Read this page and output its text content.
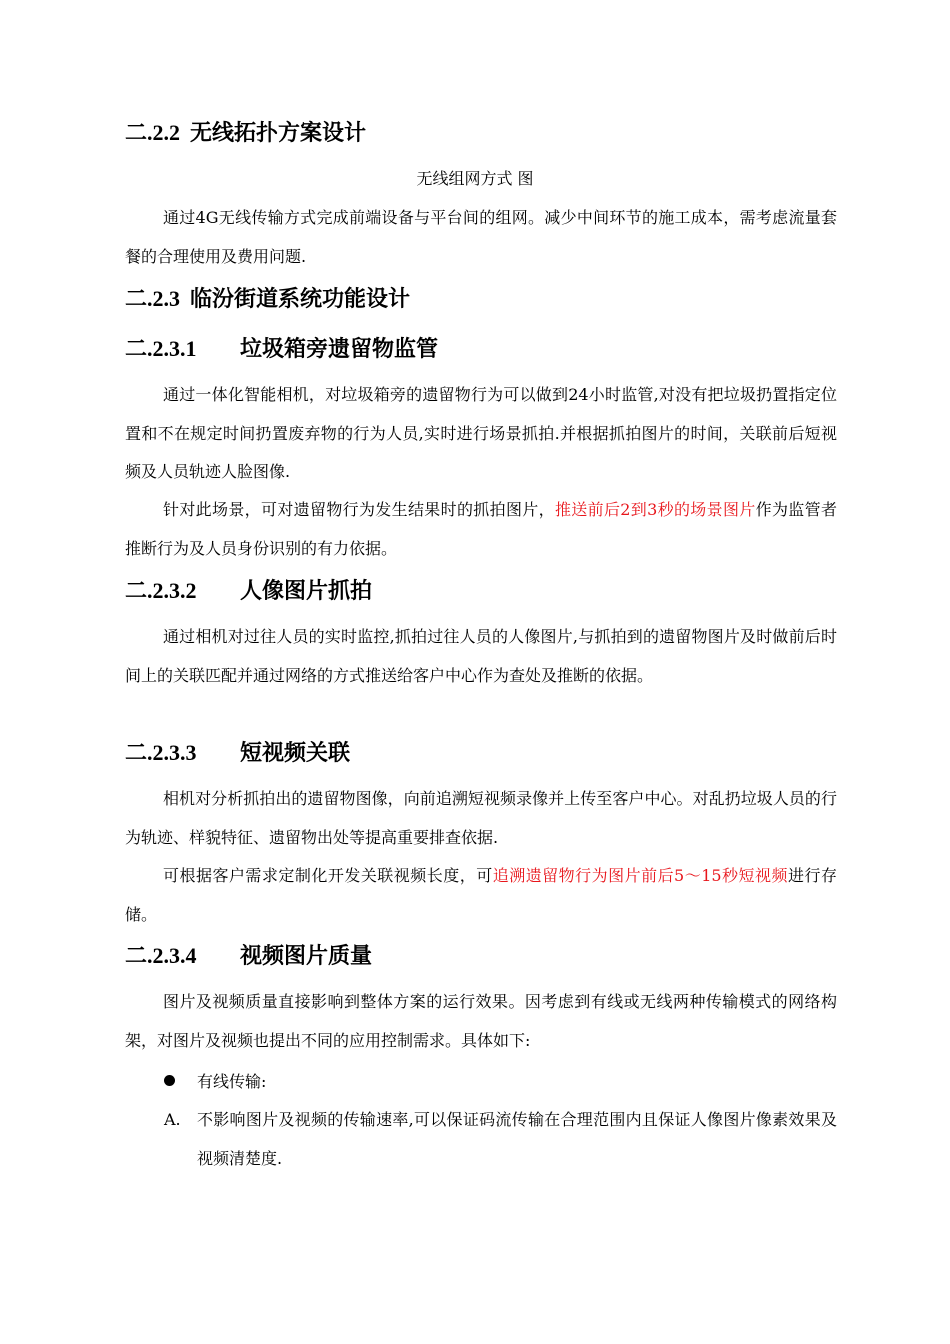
二.2.2 无线拓扑方案设计

无线组网方式 图

通过4G无线传输方式完成前端设备与平台间的组网。减少中间环节的施工成本，需考虑流量套餐的合理使用及费用问题.

二.2.3 临汾街道系统功能设计
二.2.3.1 垃圾箱旁遗留物监管

通过一体化智能相机，对垃圾箱旁的遗留物行为可以做到24小时监管,对没有把垃圾扔置指定位置和不在规定时间扔置废弃物的行为人员,实时进行场景抓拍.并根据抓拍图片的时间，关联前后短视频及人员轨迹人脸图像.

针对此场景，可对遗留物行为发生结果时的抓拍图片，推送前后2到3秒的场景图片作为监管者推断行为及人员身份识别的有力依据。

二.2.3.2 人像图片抓拍

通过相机对过往人员的实时监控,抓拍过往人员的人像图片,与抓拍到的遗留物图片及时做前后时间上的关联匹配并通过网络的方式推送给客户中心作为查处及推断的依据。

二.2.3.3 短视频关联

相机对分析抓拍出的遗留物图像，向前追溯短视频录像并上传至客户中心。对乱扔垃圾人员的行为轨迹、样貌特征、遗留物出处等提高重要排查依据.

可根据客户需求定制化开发关联视频长度，可追溯遗留物行为图片前后5～15秒短视频进行存储。

二.2.3.4 视频图片质量

图片及视频质量直接影响到整体方案的运行效果。因考虑到有线或无线两种传输模式的网络构架，对图片及视频也提出不同的应用控制需求。具体如下:

有线传输:
A. 不影响图片及视频的传输速率,可以保证码流传输在合理范围内且保证人像图片像素效果及视频清楚度.
